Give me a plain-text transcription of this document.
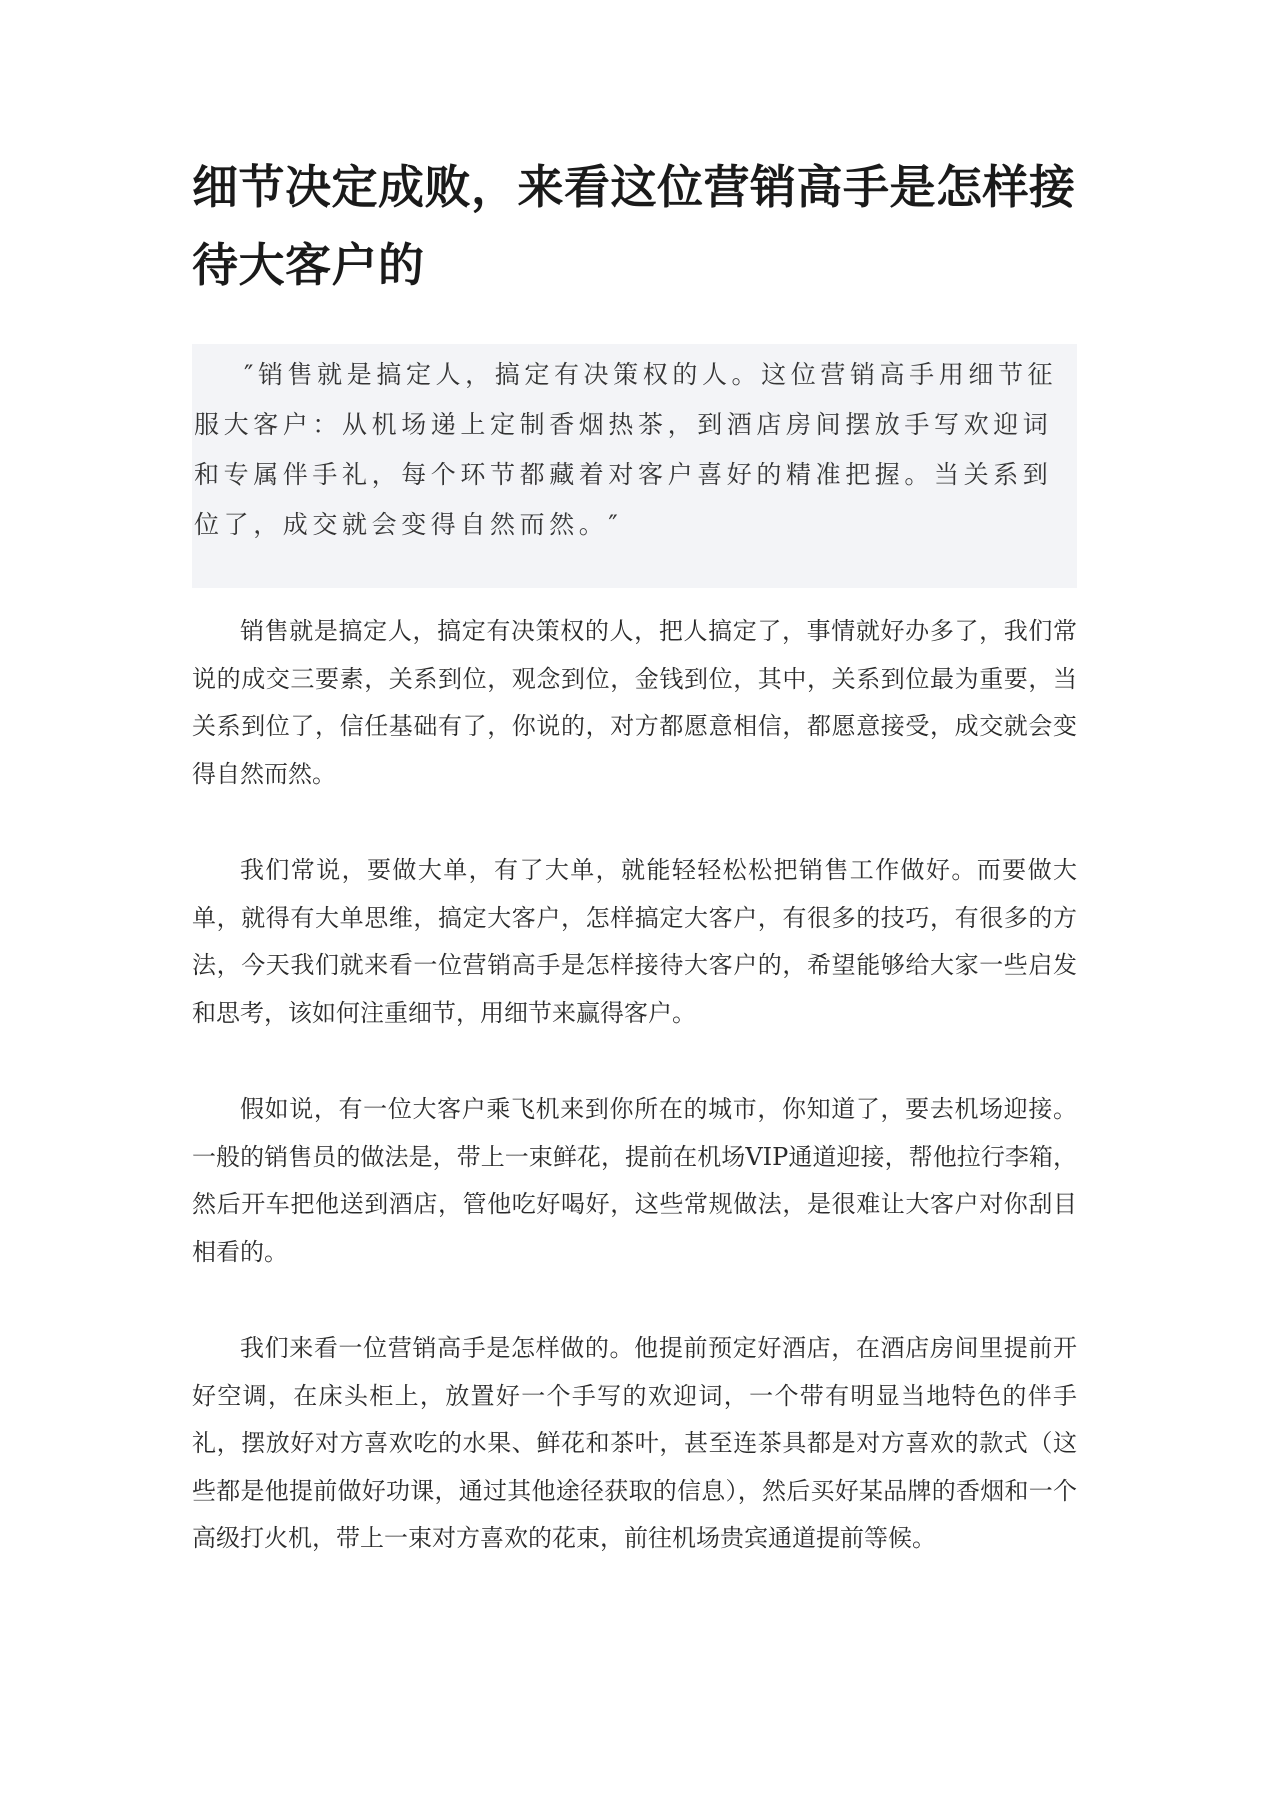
细节决定成败，来看这位营销高手是怎样接待大客户的

″销售就是搞定人，搞定有决策权的人。这位营销高手用细节征服大客户：从机场递上定制香烟热茶，到酒店房间摆放手写欢迎词和专属伴手礼，每个环节都藏着对客户喜好的精准把握。当关系到位了，成交就会变得自然而然。″

销售就是搞定人，搞定有决策权的人，把人搞定了，事情就好办多了，我们常说的成交三要素，关系到位，观念到位，金钱到位，其中，关系到位最为重要，当关系到位了，信任基础有了，你说的，对方都愿意相信，都愿意接受，成交就会变得自然而然。

我们常说，要做大单，有了大单，就能轻轻松松把销售工作做好。而要做大单，就得有大单思维，搞定大客户，怎样搞定大客户，有很多的技巧，有很多的方法，今天我们就来看一位营销高手是怎样接待大客户的，希望能够给大家一些启发和思考，该如何注重细节，用细节来赢得客户。

假如说，有一位大客户乘飞机来到你所在的城市，你知道了，要去机场迎接。一般的销售员的做法是，带上一束鲜花，提前在机场VIP通道迎接，帮他拉行李箱，然后开车把他送到酒店，管他吃好喝好，这些常规做法，是很难让大客户对你刮目相看的。

我们来看一位营销高手是怎样做的。他提前预定好酒店，在酒店房间里提前开好空调，在床头柜上，放置好一个手写的欢迎词，一个带有明显当地特色的伴手礼，摆放好对方喜欢吃的水果、鲜花和茶叶，甚至连茶具都是对方喜欢的款式（这些都是他提前做好功课，通过其他途径获取的信息），然后买好某品牌的香烟和一个高级打火机，带上一束对方喜欢的花束，前往机场贵宾通道提前等候。
